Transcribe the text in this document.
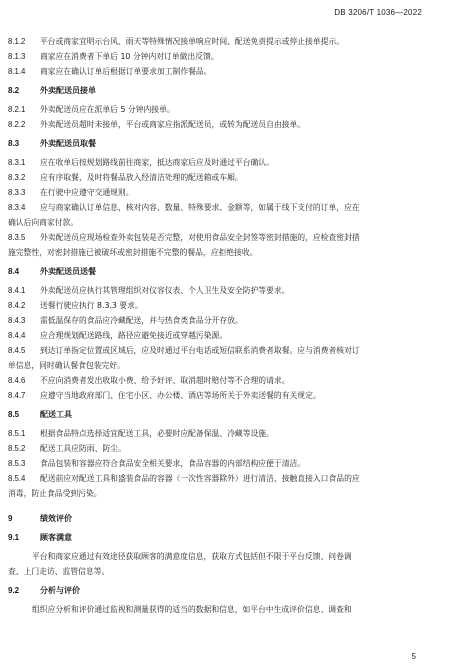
DB 3206/T 1036—2022

8.1.2 平台或商家宜明示台风、雨天等特殊情况接单响应时间、配送免责提示或停止接单提示。

8.1.3 商家应在消费者下单后 10 分钟内对订单做出反馈。

8.1.4 商家应在确认订单后根据订单要求加工制作餐品。

8.2	外卖配送员接单

8.2.1 外卖配送员应在派单后 5 分钟内接单。

8.2.2 外卖配送员超时未接单，平台或商家应指派配送员，或转为配送员自由接单。

8.3	外卖配送员取餐

8.3.1 应在收单后按规划路线前往商家，抵达商家后应及时通过平台确认。

8.3.2 应有序取餐，及时将餐品放入经清洁处理的配送箱或车厢。

8.3.3 在行驶中应遵守交通规则。

8.3.4 应与商家确认订单信息，核对内容、数量、特殊要求、金额等，如属于线下支付的订单，应在

确认后向商家付款。

8.3.5 外卖配送员应现场检查外卖包装是否完整，对使用食品安全封签等密封措施的，应检查密封措

施完整性，对密封措施已被破坏或密封措施不完整的餐品，应拒绝接收。

8.4	外卖配送员送餐

8.4.1 外卖配送员应执行其管理组织对仪容仪表、个人卫生及安全防护等要求。

8.4.2 送餐行驶应执行 8.3.3 要求。

8.4.3 需低温保存的食品应冷藏配送，并与热食类食品分开存放。

8.4.4 应合理规划配送路线，路径应避免接近或穿越污染源。

8.4.5 到达订单指定位置或区域后，应及时通过平台电话或短信联系消费者取餐。应与消费者核对订

单信息，同时确认餐食包装完好。

8.4.6 不应向消费者发出收取小费、给予好评、取消超时赔付等不合理的请求。

8.4.7 应遵守当地政府部门、住宅小区、办公楼、酒店等场所关于外卖送餐的有关规定。

8.5	配送工具

8.5.1 根据食品特点选择适宜配送工具，必要时应配备保温、冷藏等设施。

8.5.2 配送工具应防雨、防尘。

8.5.3 食品包装和容器应符合食品安全相关要求，食品容器的内部结构应便于清洁。

8.5.4 配送前应对配送工具和盛装食品的容器（一次性容器除外）进行清洁，接触直接入口食品的应

消毒，防止食品受到污染。

9	绩效评价

9.1	顾客满意

平台和商家应通过有效途径获取顾客的满意度信息，获取方式包括但不限于平台反馈、问卷调

查、上门走访、监管信息等。

9.2	分析与评价

组织应分析和评价通过监视和测量获得的适当的数据和信息，如平台中生成评价信息、调查和

5
